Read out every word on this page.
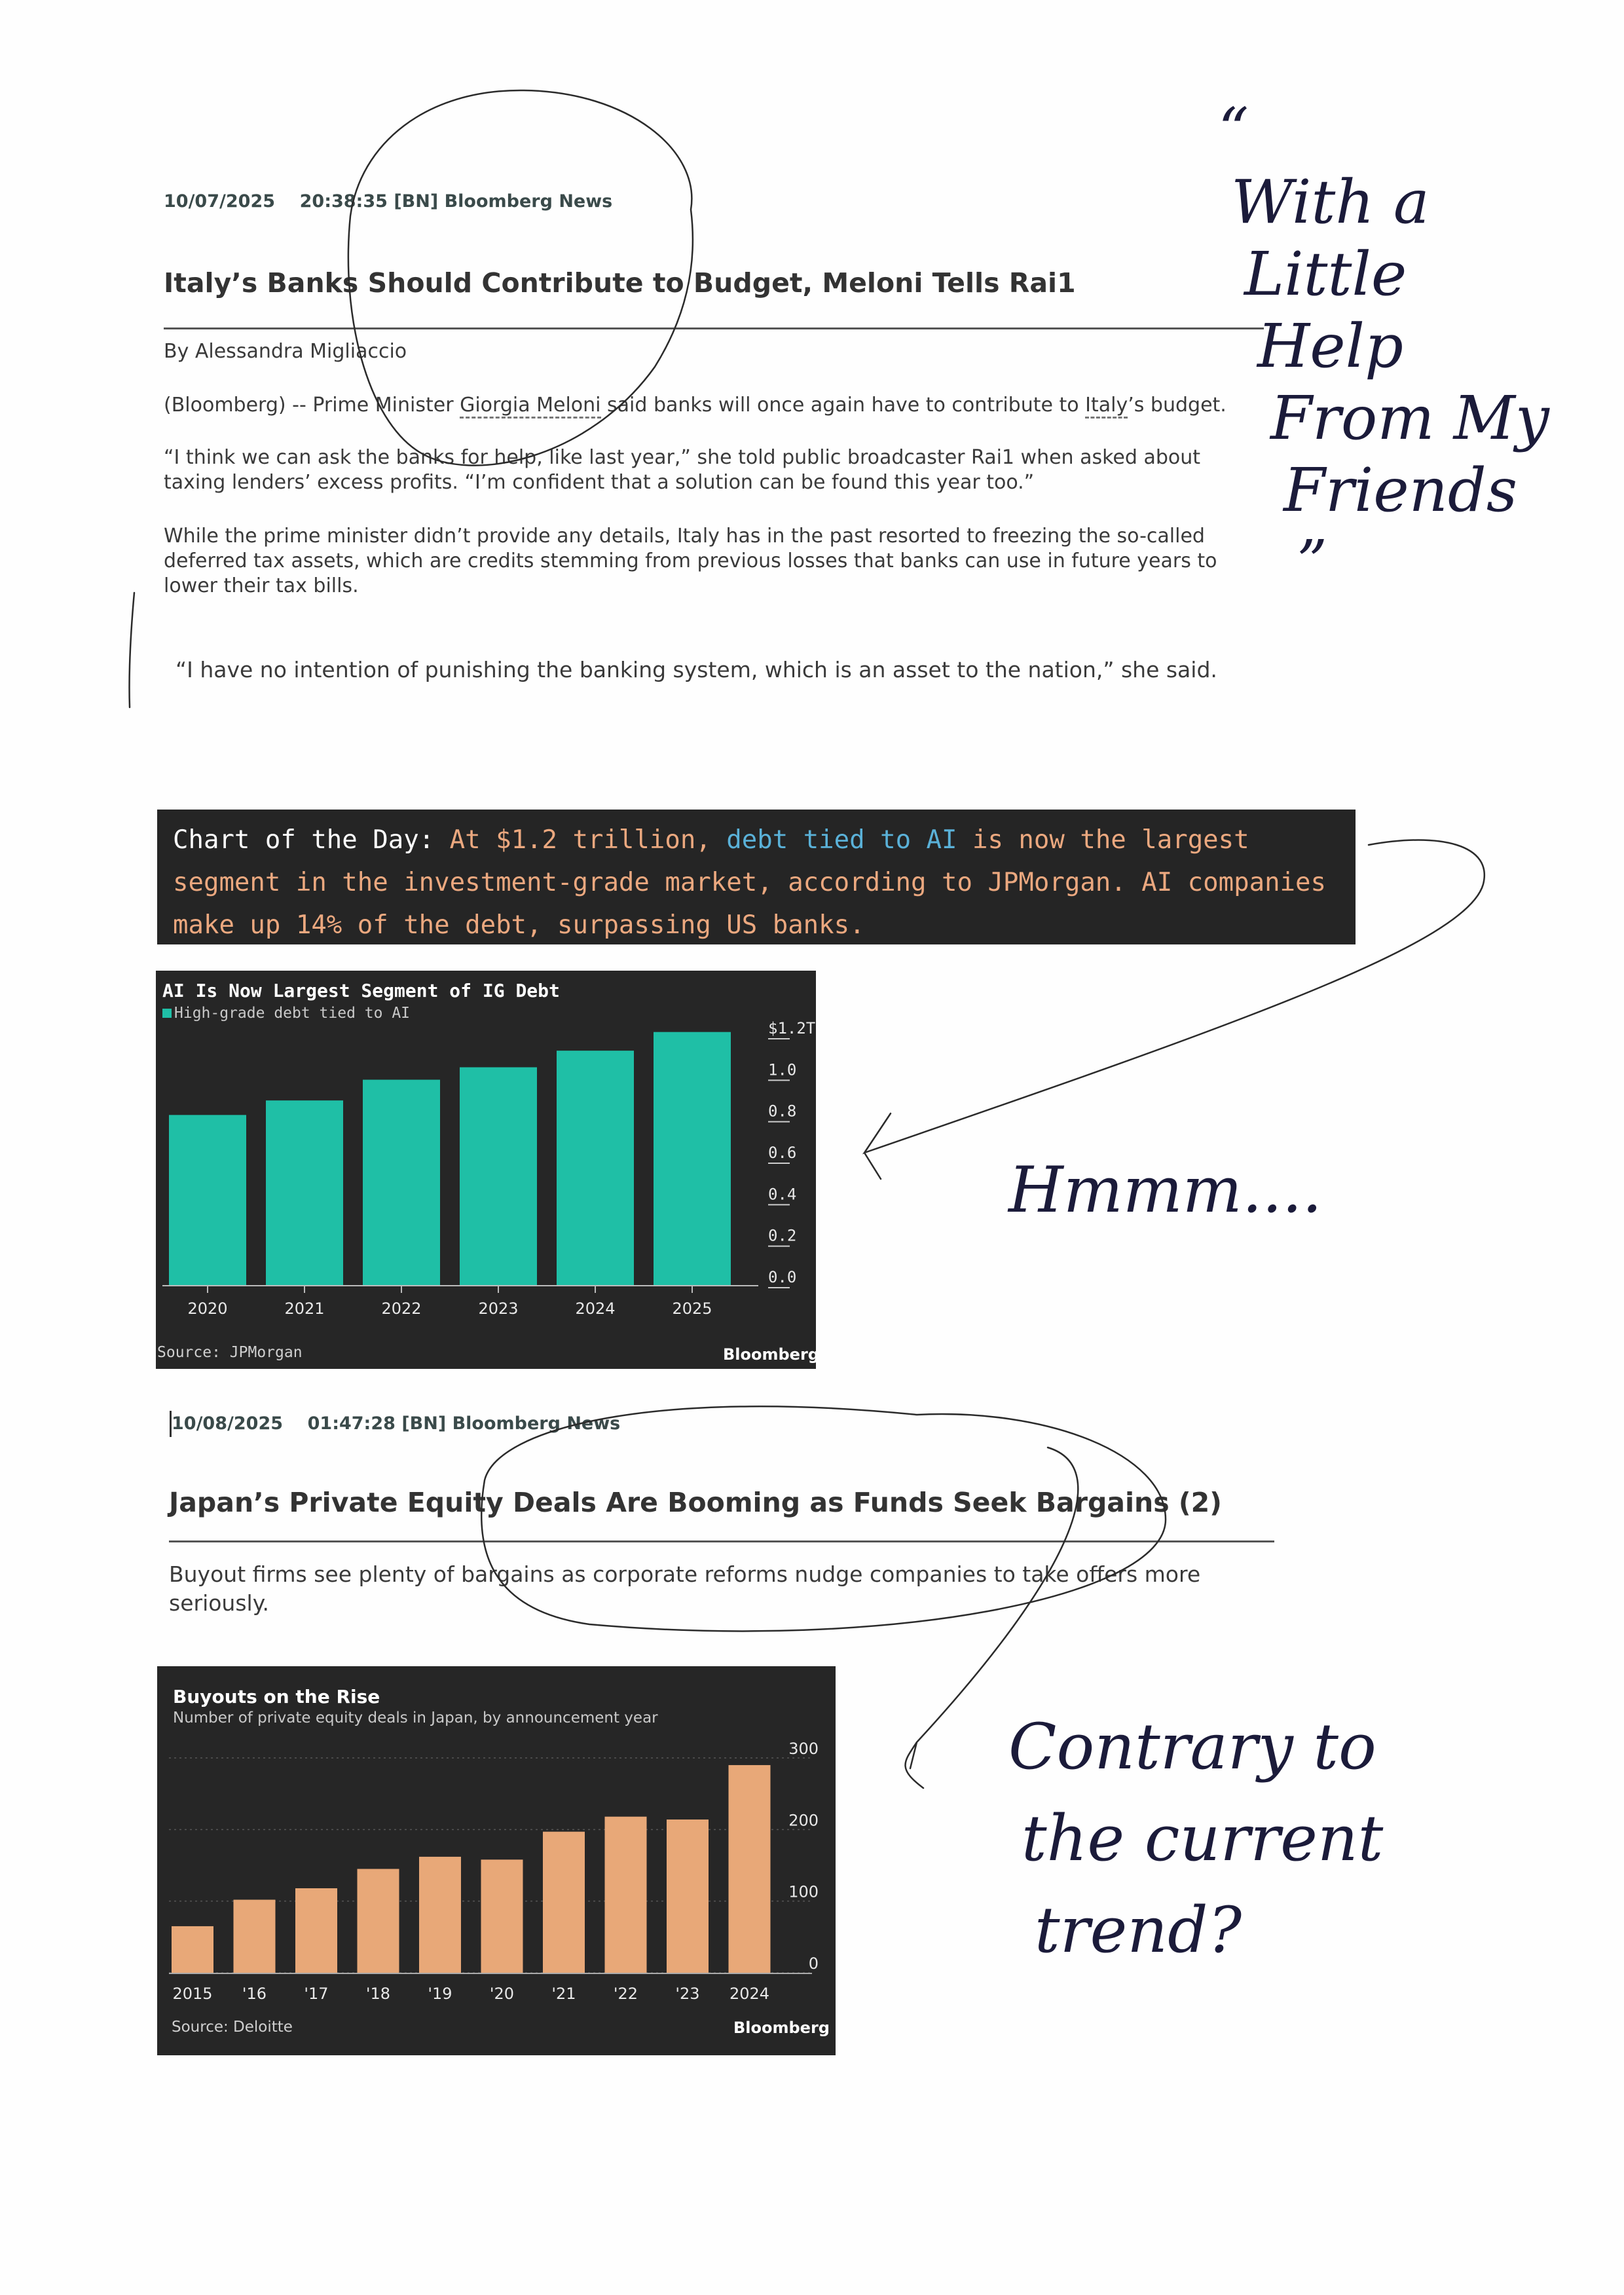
10/07/2025    20:38:35 [BN] Bloomberg News
Italy’s Banks Should Contribute to Budget, Meloni Tells Rai1
By Alessandra Migliaccio
(Bloomberg) -- Prime Minister Giorgia Meloni said banks will once again have to contribute to Italy’s budget.
“I think we can ask the banks for help, like last year,” she told public broadcaster Rai1 when asked about taxing lenders’ excess profits. “I’m confident that a solution can be found this year too.”
While the prime minister didn’t provide any details, Italy has in the past resorted to freezing the so-called deferred tax assets, which are credits stemming from previous losses that banks can use in future years to lower their tax bills.
“I have no intention of punishing the banking system, which is an asset to the nation,” she said.
Chart of the Day: At $1.2 trillion, debt tied to AI is now the largest segment in the investment-grade market, according to JPMorgan. AI companies make up 14% of the debt, surpassing US banks.
AI Is Now Largest Segment of IG Debt
High-grade debt tied to AI
0.0
0.2
0.4
0.6
0.8
1.0
$1.2T
2020	2021	2022	2023	2024	2025
Source: JPMorgan	Bloomberg
10/08/2025    01:47:28 [BN] Bloomberg News
Japan’s Private Equity Deals Are Booming as Funds Seek Bargains (2)
Buyout firms see plenty of bargains as corporate reforms nudge companies to take offers more seriously.
Buyouts on the Rise
Number of private equity deals in Japan, by announcement year
0
100
200
300
2015 '16 '17 '18 '19 '20 '21 '22 '23 2024
Source: Deloitte	Bloomberg
“ With a Little Help From My Friends ”
Hmmm....
Contrary to the current trend?
